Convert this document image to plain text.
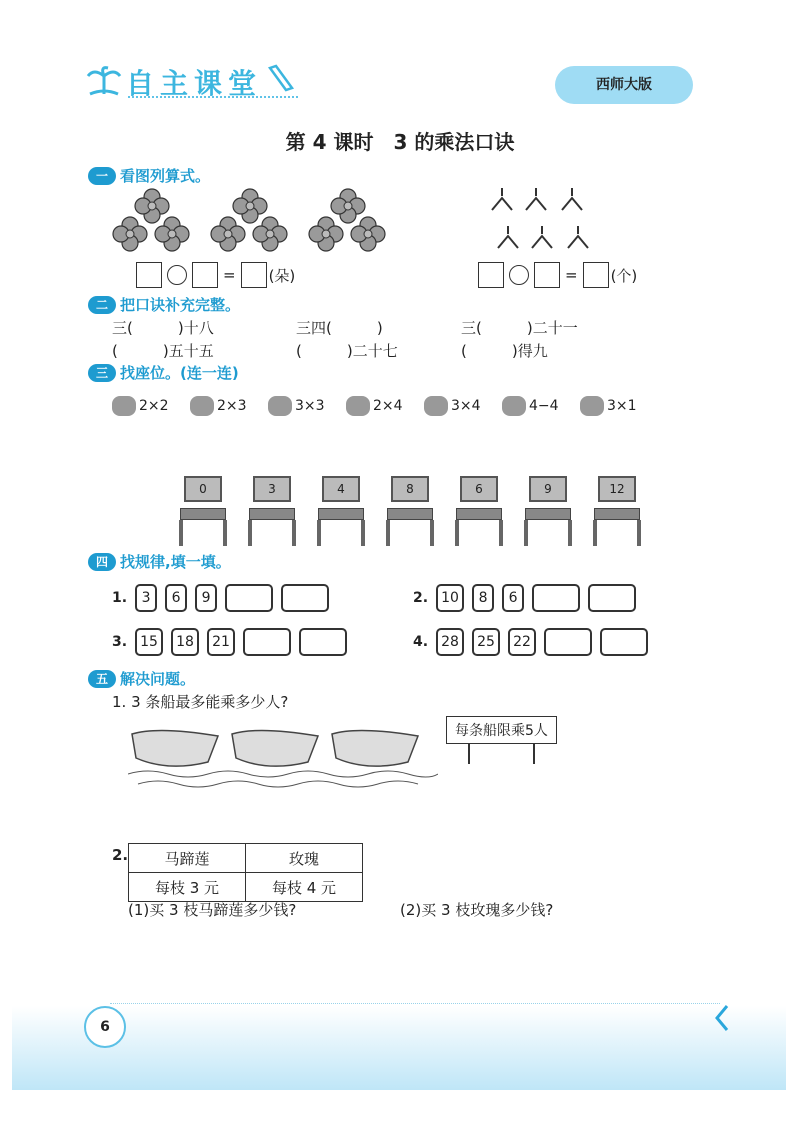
自主课堂	西师大版
第 4 课时　3 的乘法口诀
一 看图列算式。
= (朵)	= (个)
二 把口诀补充完整。
三(　　　)十八	三四(　　　)	三(　　　)二十一
(　　　)五十五	(　　　)二十七	(　　　)得九
三 找座位。(连一连)
2×2	2×3	3×3	2×4	3×4	4−4	3×1
0	3	4	8	6	9	12
四 找规律,填一填。
1.	3	6	9	2. 10	8	6
3. 15	18	21	4. 28	25	22
五 解决问题。
1. 3 条船最多能乘多少人?
每条船限乘5人
2. 马蹄莲	玫瑰
每枝 3 元	每枝 4 元
(1)买 3 枝马蹄莲多少钱?	(2)买 3 枝玫瑰多少钱?
6
